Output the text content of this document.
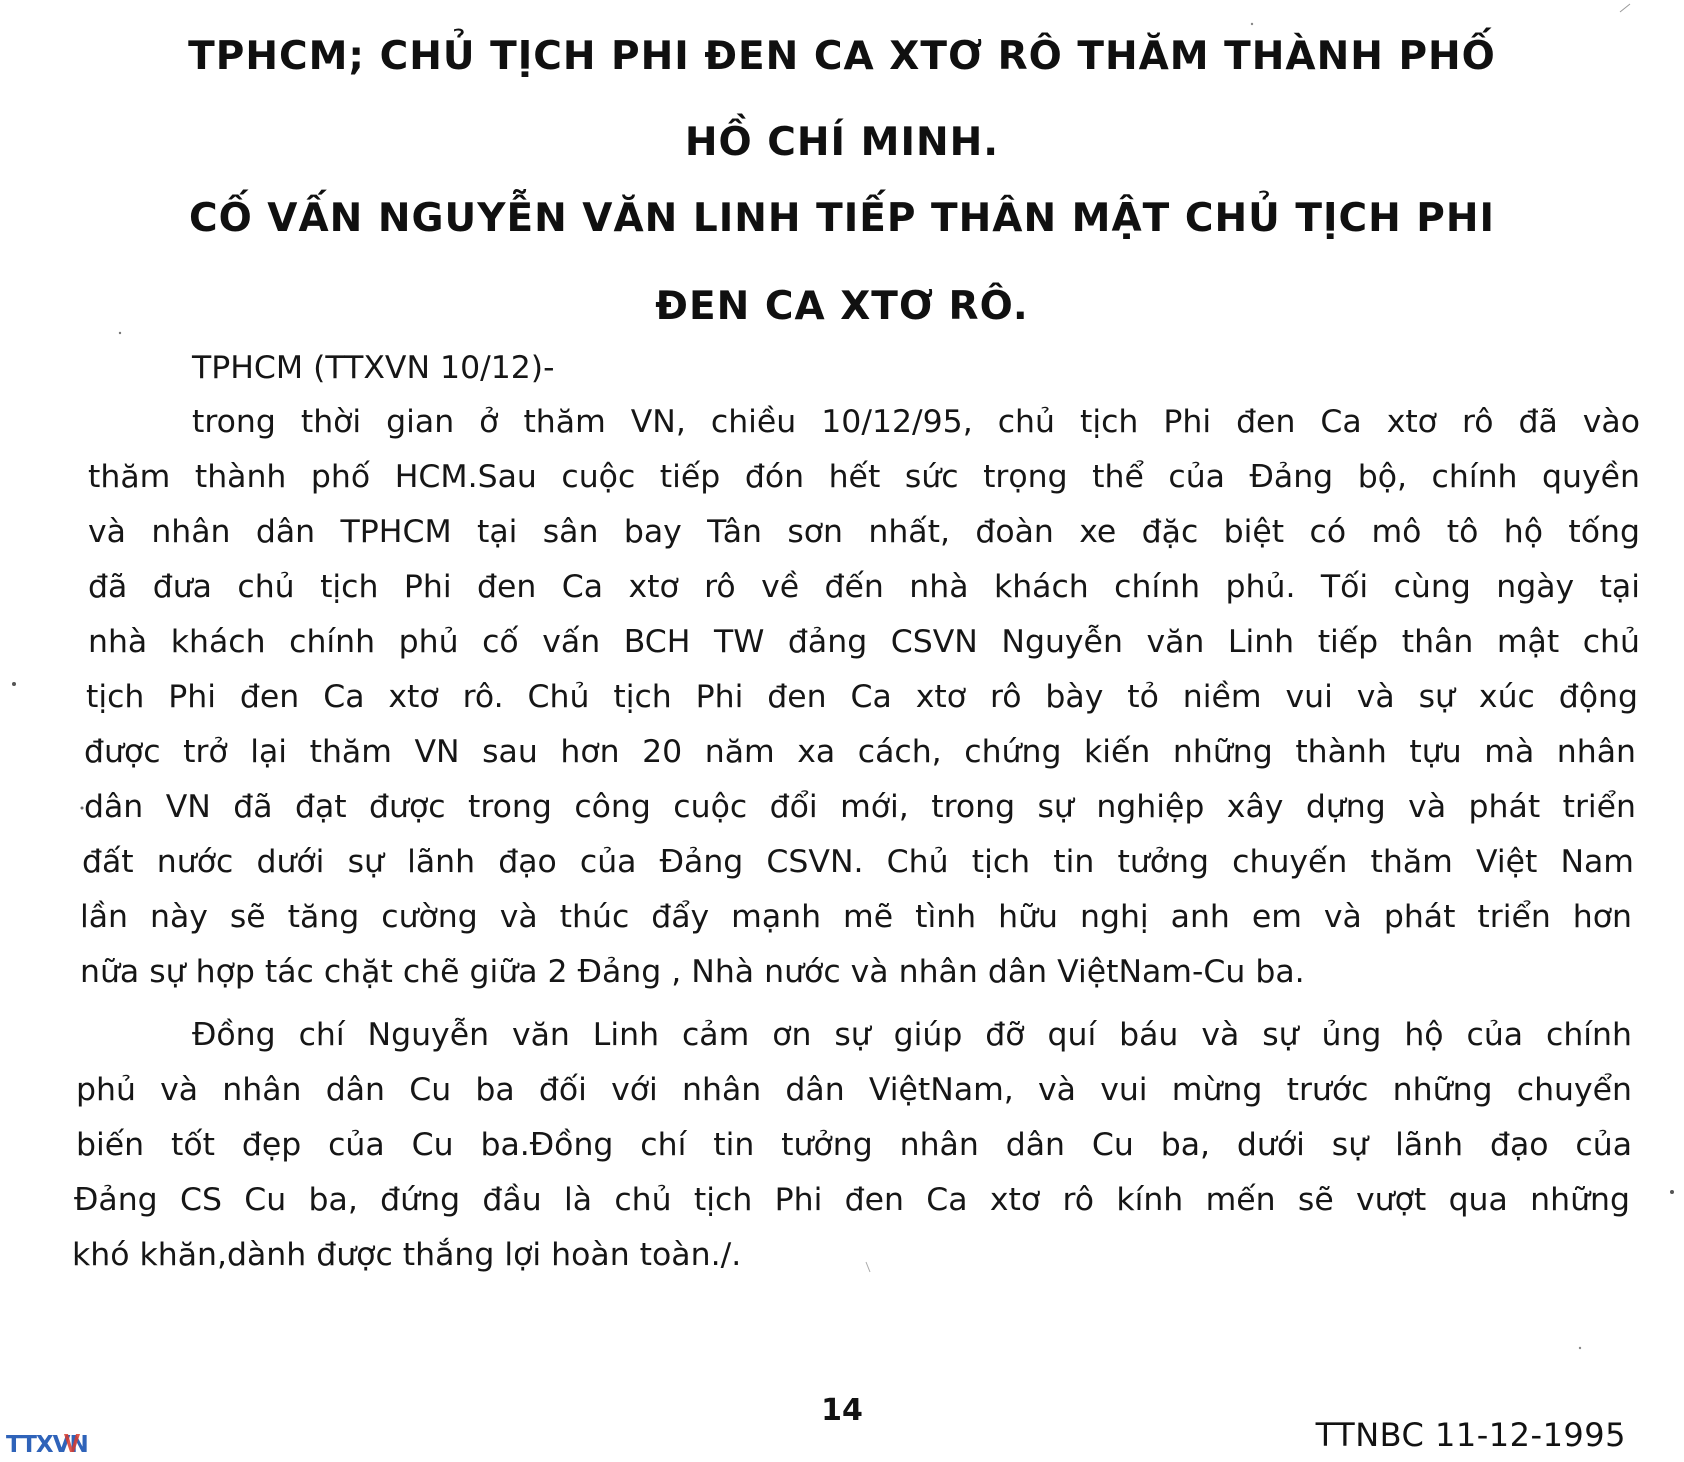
TPHCM; CHỦ TỊCH PHI ĐEN CA XTƠ RÔ THĂM THÀNH PHỐ
HỒ CHÍ MINH.
CỐ VẤN NGUYỄN VĂN LINH TIẾP THÂN MẬT CHỦ TỊCH PHI
ĐEN CA XTƠ RÔ.
TPHCM (TTXVN 10/12)-
trong thời gian ở thăm VN, chiều 10/12/95, chủ tịch Phi đen Ca xtơ rô đã vào
thăm thành phố HCM.Sau cuộc tiếp đón hết sức trọng thể của Đảng bộ, chính quyền
và nhân dân TPHCM tại sân bay Tân sơn nhất, đoàn xe đặc biệt có mô tô hộ tống
đã đưa chủ tịch Phi đen Ca xtơ rô về đến nhà khách chính phủ. Tối cùng ngày tại
nhà khách chính phủ cố vấn BCH TW đảng CSVN Nguyễn văn Linh tiếp thân mật chủ
tịch Phi đen Ca xtơ rô. Chủ tịch Phi đen Ca xtơ rô bày tỏ niềm vui và sự xúc động
được trở lại thăm VN sau hơn 20 năm xa cách, chứng kiến những thành tựu mà nhân
dân VN đã đạt được trong công cuộc đổi mới, trong sự nghiệp xây dựng và phát triển
đất nước dưới sự lãnh đạo của Đảng CSVN. Chủ tịch tin tưởng chuyến thăm Việt Nam
lần này sẽ tăng cường và thúc đẩy mạnh mẽ tình hữu nghị anh em và phát triển hơn
nữa sự hợp tác chặt chẽ giữa 2 Đảng , Nhà nước và nhân dân ViệtNam-Cu ba.
Đồng chí Nguyễn văn Linh cảm ơn sự giúp đỡ quí báu và sự ủng hộ của chính
phủ và nhân dân Cu ba đối với nhân dân ViệtNam, và vui mừng trước những chuyển
biến tốt đẹp của Cu ba.Đồng chí tin tưởng nhân dân Cu ba, dưới sự lãnh đạo của
Đảng CS Cu ba, đứng đầu là chủ tịch Phi đen Ca xtơ rô kính mến sẽ vượt qua những
khó khăn,dành được thắng lợi hoàn toàn./.
14
TTNBC 11-12-1995
TTXVN
